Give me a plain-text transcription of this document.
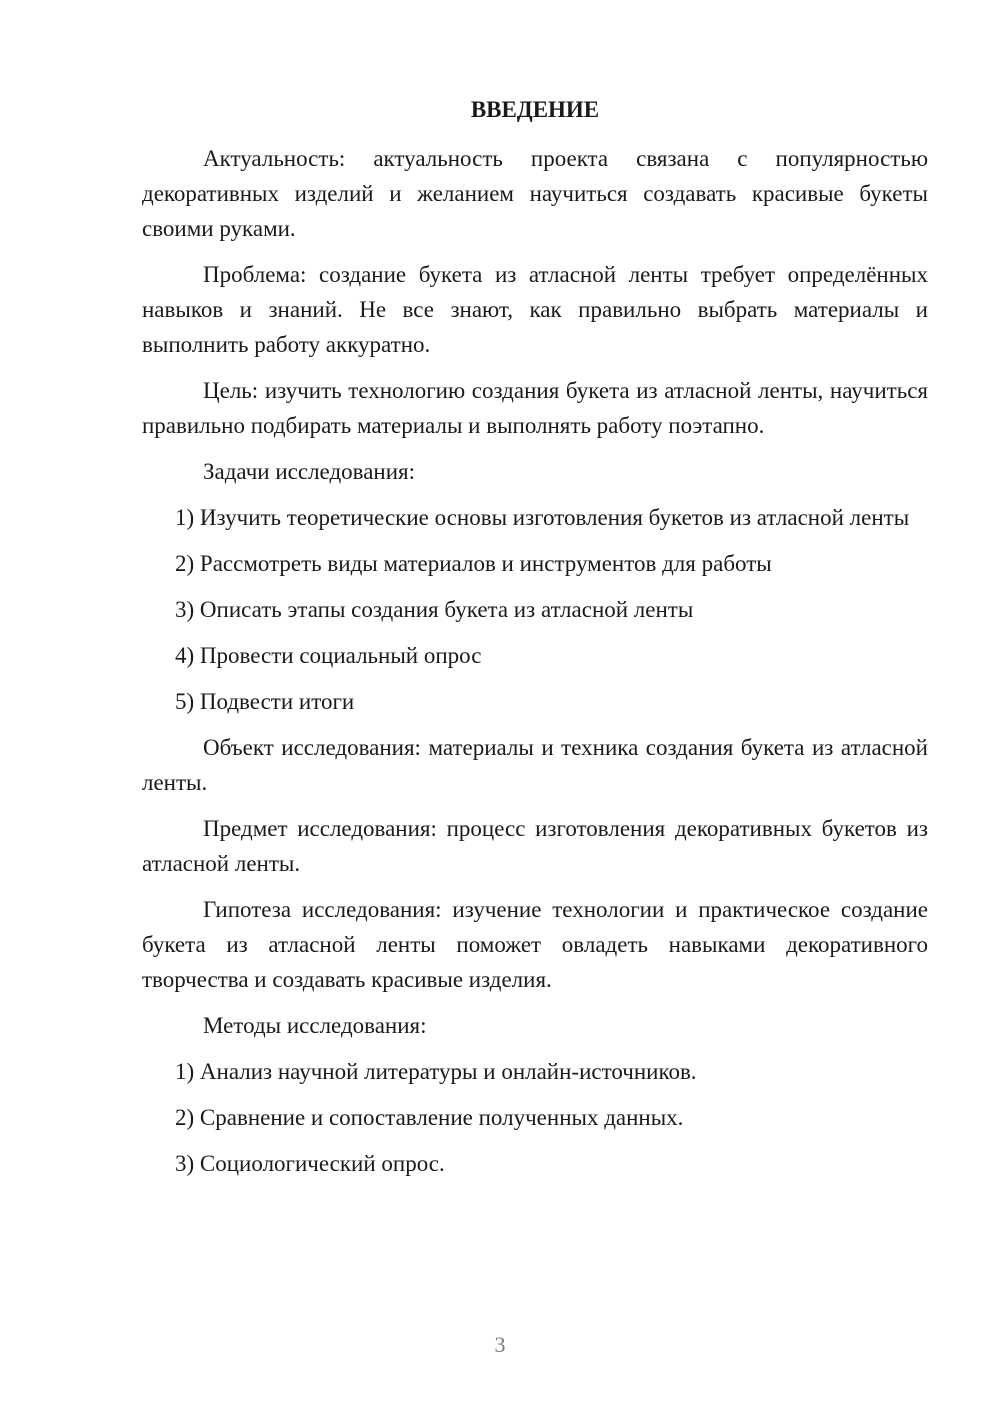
ВВЕДЕНИЕ

Актуальность: актуальность проекта связана с популярностью декоративных изделий и желанием научиться создавать красивые букеты своими руками.

Проблема: создание букета из атласной ленты требует определённых навыков и знаний. Не все знают, как правильно выбрать материалы и выполнить работу аккуратно.

Цель: изучить технологию создания букета из атласной ленты, научиться правильно подбирать материалы и выполнять работу поэтапно.

Задачи исследования:

1) Изучить теоретические основы изготовления букетов из атласной ленты

2) Рассмотреть виды материалов и инструментов для работы

3) Описать этапы создания букета из атласной ленты

4) Провести социальный опрос

5) Подвести итоги

Объект исследования: материалы и техника создания букета из атласной ленты.

Предмет исследования: процесс изготовления декоративных букетов из атласной ленты.

Гипотеза исследования: изучение технологии и практическое создание букета из атласной ленты поможет овладеть навыками декоративного творчества и создавать красивые изделия.

Методы исследования:

1) Анализ научной литературы и онлайн-источников.

2) Сравнение и сопоставление полученных данных.

3) Социологический опрос.

3
